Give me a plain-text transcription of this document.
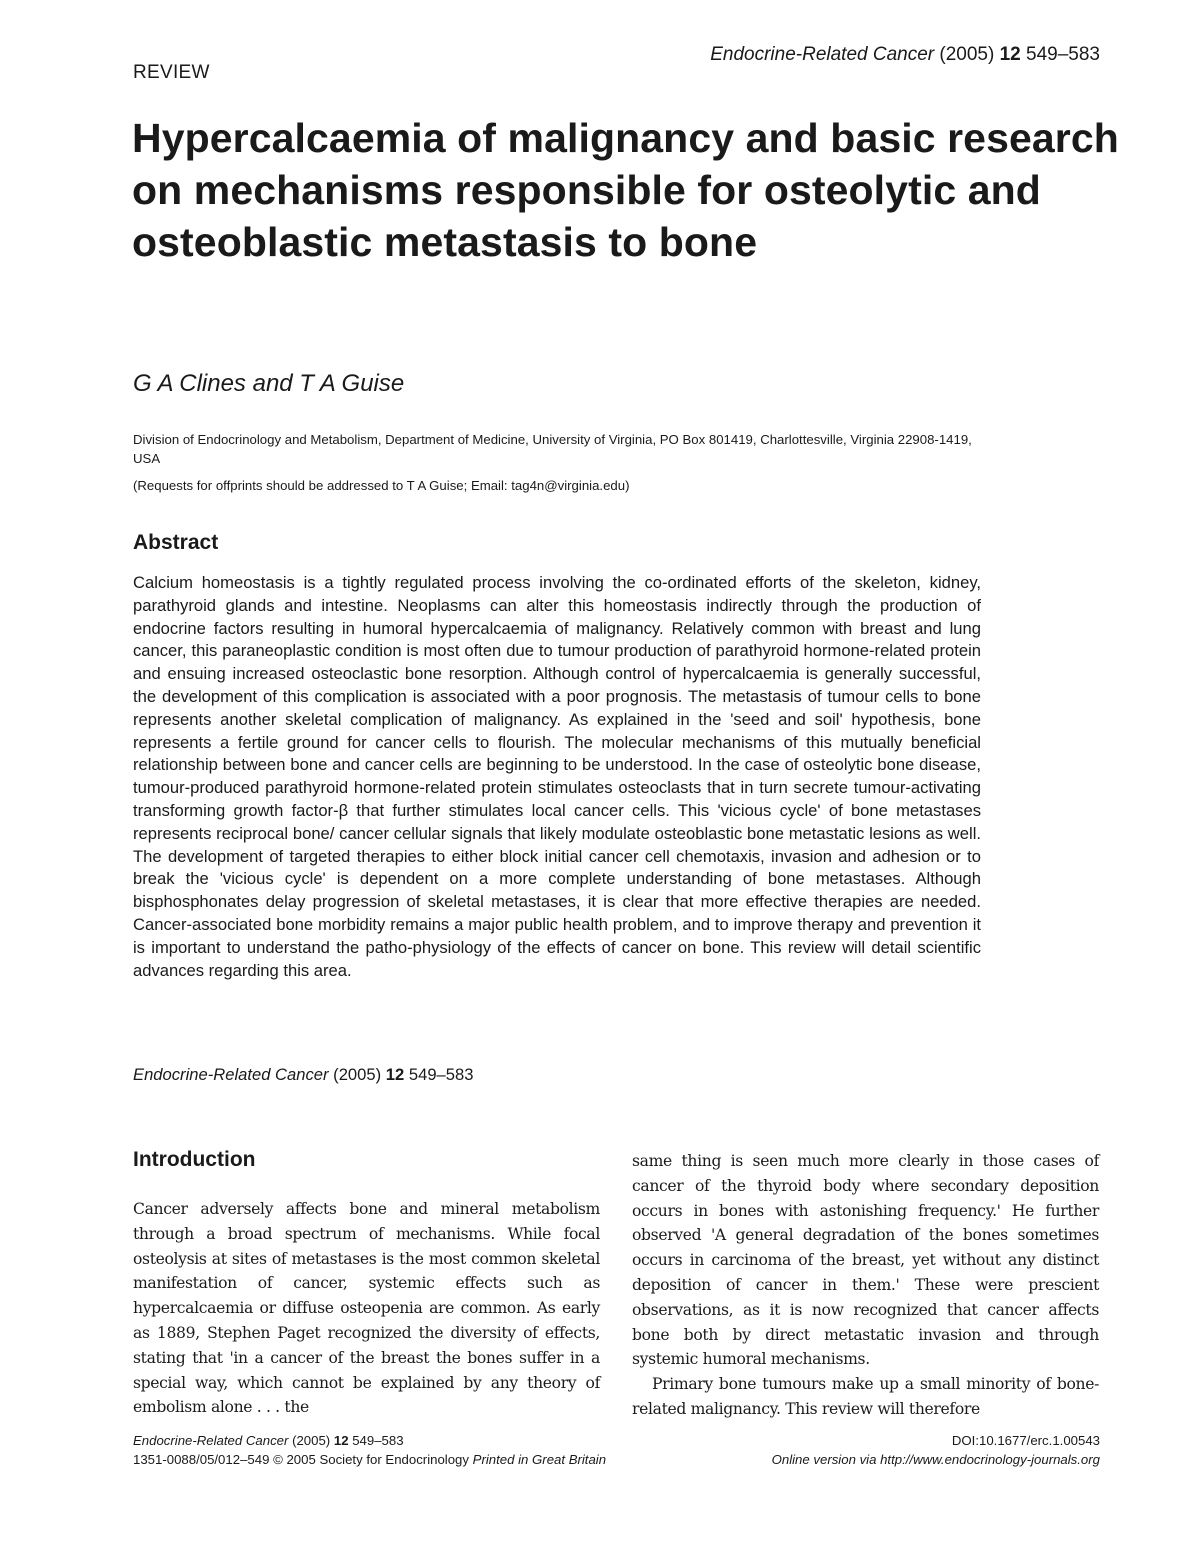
Endocrine-Related Cancer (2005) 12 549–583
REVIEW
Hypercalcaemia of malignancy and basic research on mechanisms responsible for osteolytic and osteoblastic metastasis to bone
G A Clines and T A Guise
Division of Endocrinology and Metabolism, Department of Medicine, University of Virginia, PO Box 801419, Charlottesville, Virginia 22908-1419, USA
(Requests for offprints should be addressed to T A Guise; Email: tag4n@virginia.edu)
Abstract

Calcium homeostasis is a tightly regulated process involving the co-ordinated efforts of the skeleton, kidney, parathyroid glands and intestine. Neoplasms can alter this homeostasis indirectly through the production of endocrine factors resulting in humoral hypercalcaemia of malignancy. Relatively common with breast and lung cancer, this paraneoplastic condition is most often due to tumour production of parathyroid hormone-related protein and ensuing increased osteoclastic bone resorption. Although control of hypercalcaemia is generally successful, the development of this complication is associated with a poor prognosis. The metastasis of tumour cells to bone represents another skeletal complication of malignancy. As explained in the 'seed and soil' hypothesis, bone represents a fertile ground for cancer cells to flourish. The molecular mechanisms of this mutually beneficial relationship between bone and cancer cells are beginning to be understood. In the case of osteolytic bone disease, tumour-produced parathyroid hormone-related protein stimulates osteoclasts that in turn secrete tumour-activating transforming growth factor-β that further stimulates local cancer cells. This 'vicious cycle' of bone metastases represents reciprocal bone/ cancer cellular signals that likely modulate osteoblastic bone metastatic lesions as well. The development of targeted therapies to either block initial cancer cell chemotaxis, invasion and adhesion or to break the 'vicious cycle' is dependent on a more complete understanding of bone metastases. Although bisphosphonates delay progression of skeletal metastases, it is clear that more effective therapies are needed. Cancer-associated bone morbidity remains a major public health problem, and to improve therapy and prevention it is important to understand the patho-physiology of the effects of cancer on bone. This review will detail scientific advances regarding this area.

Endocrine-Related Cancer (2005) 12 549–583
Introduction

Cancer adversely affects bone and mineral metabolism through a broad spectrum of mechanisms. While focal osteolysis at sites of metastases is the most common skeletal manifestation of cancer, systemic effects such as hypercalcaemia or diffuse osteopenia are common. As early as 1889, Stephen Paget recognized the diversity of effects, stating that 'in a cancer of the breast the bones suffer in a special way, which cannot be explained by any theory of embolism alone . . . the

same thing is seen much more clearly in those cases of cancer of the thyroid body where secondary deposition occurs in bones with astonishing frequency.' He further observed 'A general degradation of the bones sometimes occurs in carcinoma of the breast, yet without any distinct deposition of cancer in them.' These were prescient observations, as it is now recognized that cancer affects bone both by direct metastatic invasion and through systemic humoral mechanisms.

Primary bone tumours make up a small minority of bone-related malignancy. This review will therefore

Endocrine-Related Cancer (2005) 12 549–583
1351-0088/05/012–549 © 2005 Society for Endocrinology Printed in Great Britain
DOI:10.1677/erc.1.00543
Online version via http://www.endocrinology-journals.org
